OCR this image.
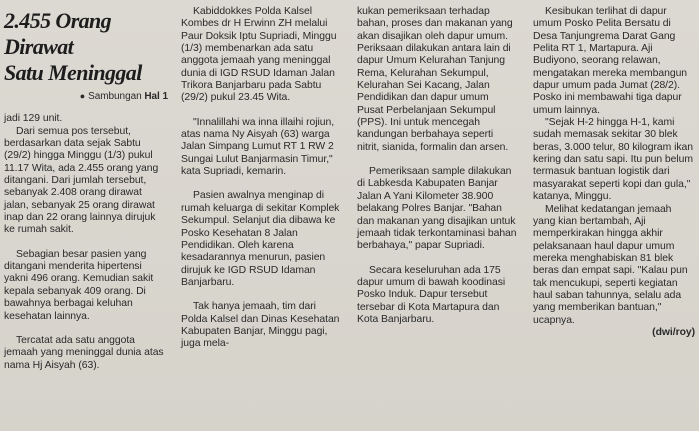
2.455 Orang Dirawat
Satu Meninggal
● Sambungan Hal 1

jadi 129 unit.

Dari semua pos tersebut, berdasarkan data sejak Sabtu (29/2) hingga Minggu (1/3) pukul 11.17 Wita, ada 2.455 orang yang ditangani. Dari jumlah tersebut, sebanyak 2.408 orang dirawat jalan, sebanyak 25 orang dirawat inap dan 22 orang lainnya dirujuk ke rumah sakit.

Sebagian besar pasien yang ditangani menderita hipertensi yakni 496 orang. Kemudian sakit kepala sebanyak 409 orang. Di bawahnya berbagai keluhan kesehatan lainnya.

Tercatat ada satu anggota jemaah yang meninggal dunia atas nama Hj Aisyah (63).

Kabiddokkes Polda Kalsel Kombes dr H Erwinn ZH melalui Paur Doksik Iptu Supriadi, Minggu (1/3) membenarkan ada satu anggota jemaah yang meninggal dunia di IGD RSUD Idaman Jalan Trikora Banjarbaru pada Sabtu (29/2) pukul 23.45 Wita.

"Innalillahi wa inna illaihi rojiun, atas nama Ny Aisyah (63) warga Jalan Simpang Lumut RT 1 RW 2 Sungai Lulut Banjarmasin Timur," kata Supriadi, kemarin.

Pasien awalnya menginap di rumah keluarga di sekitar Komplek Sekumpul. Selanjut dia dibawa ke Posko Kesehatan 8 Jalan Pendidikan. Oleh karena kesadarannya menurun, pasien dirujuk ke IGD RSUD Idaman Banjarbaru.

Tak hanya jemaah, tim dari Polda Kalsel dan Dinas Kesehatan Kabupaten Banjar, Minggu pagi, juga mela-

kukan pemeriksaan terhadap bahan, proses dan makanan yang akan disajikan oleh dapur umum. Periksaan dilakukan antara lain di dapur Umum Kelurahan Tanjung Rema, Kelurahan Sekumpul, Kelurahan Sei Kacang, Jalan Pendidikan dan dapur umum Pusat Perbelanjaan Sekumpul (PPS). Ini untuk mencegah kandungan berbahaya seperti nitrit, sianida, formalin dan arsen.

Pemeriksaan sample dilakukan di Labkesda Kabupaten Banjar Jalan A Yani Kilometer 38.900 belakang Polres Banjar. "Bahan dan makanan yang disajikan untuk jemaah tidak terkontaminasi bahan berbahaya," papar Supriadi.

Secara keseluruhan ada 175 dapur umum di bawah koodinasi Posko Induk. Dapur tersebut tersebar di Kota Martapura dan Kota Banjarbaru.

Kesibukan terlihat di dapur umum Posko Pelita Bersatu di Desa Tanjungrema Darat Gang Pelita RT 1, Martapura. Aji Budiyono, seorang relawan, mengatakan mereka membangun dapur umum pada Jumat (28/2). Posko ini membawahi tiga dapur umum lainnya.

"Sejak H-2 hingga H-1, kami sudah memasak sekitar 30 blek beras, 3.000 telur, 80 kilogram ikan kering dan satu sapi. Itu pun belum termasuk bantuan logistik dari masyarakat seperti kopi dan gula," katanya, Minggu.

Melihat kedatangan jemaah yang kian bertambah, Aji memperkirakan hingga akhir pelaksanaan haul dapur umum mereka menghabiskan 81 blek beras dan empat sapi. "Kalau pun tak mencukupi, seperti kegiatan haul saban tahunnya, selalu ada yang memberikan bantuan," ucapnya.

(dwi/roy)
